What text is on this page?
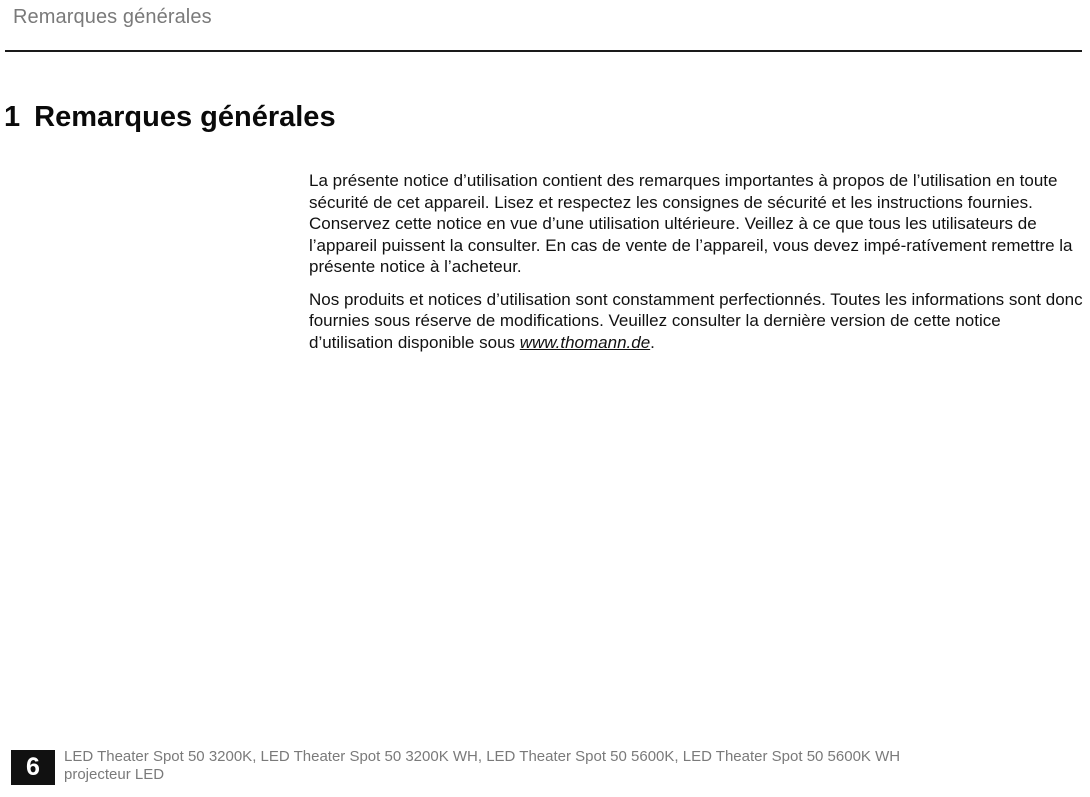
Remarques générales
1 Remarques générales

La présente notice d’utilisation contient des remarques importantes à propos de l’utilisation en toute sécurité de cet appareil. Lisez et respectez les consignes de sécurité et les instructions fournies. Conservez cette notice en vue d’une utilisation ultérieure. Veillez à ce que tous les utilisateurs de l’appareil puissent la consulter. En cas de vente de l’appareil, vous devez impé-ratívement remettre la présente notice à l’acheteur.

Nos produits et notices d’utilisation sont constamment perfectionnés. Toutes les informations sont donc fournies sous réserve de modifications. Veuillez consulter la dernière version de cette notice d’utilisation disponible sous www.thomann.de.

6	LED Theater Spot 50 3200K, LED Theater Spot 50 3200K WH, LED Theater Spot 50 5600K, LED Theater Spot 50 5600K WH
projecteur LED
